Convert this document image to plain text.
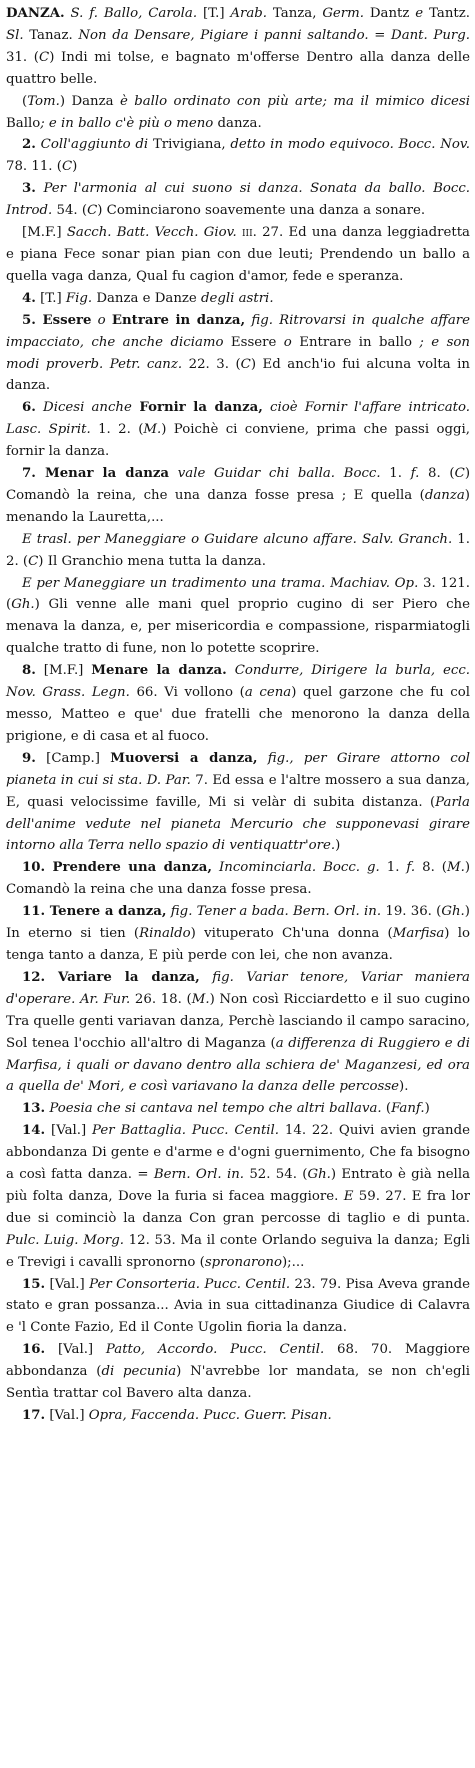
DANZA. S. f. Ballo, Carola. [T.] Arab. Tanza, Germ. Dantz e Tantz. Sl. Tanaz. Non da Densare, Pigiare i panni saltando. = Dant. Purg. 31. (C) Indi mi tolse, e bagnato m'offerse Dentro alla danza delle quattro belle.

(Tom.) Danza è ballo ordinato con più arte; ma il mimico dicesi Ballo; e in ballo c'è più o meno danza.

2. Coll'aggiunto di Trivigiana, detto in modo equivoco. Bocc. Nov. 78. 11. (C)

3. Per l'armonia al cui suono si danza. Sonata da ballo. Bocc. Introd. 54. (C) Cominciarono soavemente una danza a sonare.

[M.F.] Sacch. Batt. Vecch. Giov. iii. 27. Ed una danza leggiadretta e piana Fece sonar pian pian con due leuti; Prendendo un ballo a quella vaga danza, Qual fu cagion d'amor, fede e speranza.

4. [T.] Fig. Danza e Danze degli astri.

5. Essere o Entrare in danza, fig. Ritrovarsi in qualche affare impacciato, che anche diciamo Essere o Entrare in ballo ; e son modi proverb. Petr. canz. 22. 3. (C) Ed anch'io fui alcuna volta in danza.

6. Dicesi anche Fornir la danza, cioè Fornir l'affare intricato. Lasc. Spirit. 1. 2. (M.) Poichè ci conviene, prima che passi oggi, fornir la danza.

7. Menar la danza vale Guidar chi balla. Bocc. 1. f. 8. (C) Comandò la reina, che una danza fosse presa ; E quella (danza) menando la Lauretta,...

E trasl. per Maneggiare o Guidare alcuno affare. Salv. Granch. 1. 2. (C) Il Granchio mena tutta la danza.

E per Maneggiare un tradimento una trama. Machiav. Op. 3. 121. (Gh.) Gli venne alle mani quel proprio cugino di ser Piero che menava la danza, e, per misericordia e compassione, risparmiatogli qualche tratto di fune, non lo potette scoprire.

8. [M.F.] Menare la danza. Condurre, Dirigere la burla, ecc. Nov. Grass. Legn. 66. Vi vollono (a cena) quel garzone che fu col messo, Matteo e que' due fratelli che menorono la danza della prigione, e di casa et al fuoco.

9. [Camp.] Muoversi a danza, fig., per Girare attorno col pianeta in cui si sta. D. Par. 7. Ed essa e l'altre mossero a sua danza, E, quasi velocissime faville, Mi si velàr di subita distanza. (Parla dell'anime vedute nel pianeta Mercurio che supponevasi girare intorno alla Terra nello spazio di ventiquattr'ore.)

10. Prendere una danza, Incominciarla. Bocc. g. 1. f. 8. (M.) Comandò la reina che una danza fosse presa.

11. Tenere a danza, fig. Tener a bada. Bern. Orl. in. 19. 36. (Gh.) In eterno si tien (Rinaldo) vituperato Ch'una donna (Marfisa) lo tenga tanto a danza, E più perde con lei, che non avanza.

12. Variare la danza, fig. Variar tenore, Variar maniera d'operare. Ar. Fur. 26. 18. (M.) Non così Ricciardetto e il suo cugino Tra quelle genti variavan danza, Perchè lasciando il campo saracino, Sol tenea l'occhio all'altro di Maganza (a differenza di Ruggiero e di Marfisa, i quali or davano dentro alla schiera de' Maganzesi, ed ora a quella de' Mori, e così variavano la danza delle percosse).

13. Poesia che si cantava nel tempo che altri ballava. (Fanf.)

14. [Val.] Per Battaglia. Pucc. Centil. 14. 22. Quivi avien grande abbondanza Di gente e d'arme e d'ogni guernimento, Che fa bisogno a così fatta danza. = Bern. Orl. in. 52. 54. (Gh.) Entrato è già nella più folta danza, Dove la furia si facea maggiore. E 59. 27. E fra lor due si cominciò la danza Con gran percosse di taglio e di punta. Pulc. Luig. Morg. 12. 53. Ma il conte Orlando seguiva la danza; Egli e Trevigi i cavalli spronorno (spronarono);...

15. [Val.] Per Consorteria. Pucc. Centil. 23. 79. Pisa Aveva grande stato e gran possanza... Avia in sua cittadinanza Giudice di Calavra e 'l Conte Fazio, Ed il Conte Ugolin fioria la danza.

16. [Val.] Patto, Accordo. Pucc. Centil. 68. 70. Maggiore abbondanza (di pecunia) N'avrebbe lor mandata, se non ch'egli Sentìa trattar col Bavero alta danza.

17. [Val.] Opra, Faccenda. Pucc. Guerr. Pisan.
